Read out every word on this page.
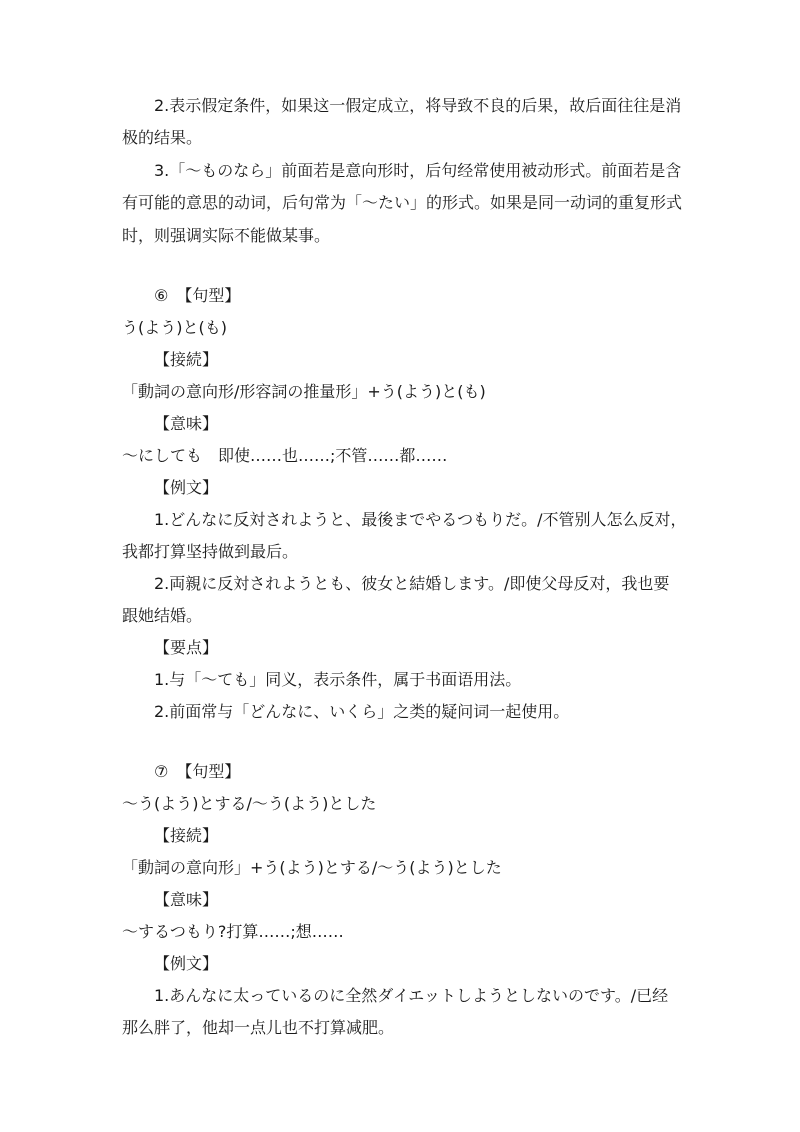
2.表示假定条件，如果这一假定成立，将导致不良的后果，故后面往往是消
极的结果。
3.「～ものなら」前面若是意向形时，后句经常使用被动形式。前面若是含
有可能的意思的动词，后句常为「～たい」的形式。如果是同一动词的重复形式
时，则强调实际不能做某事。
⑥　【句型】
う(よう)と(も)
【接続】
「動詞の意向形/形容詞の推量形」+う(よう)と(も)
【意味】
～にしても　即使……也……;不管……都……
【例文】
1.どんなに反対されようと、最後までやるつもりだ。/不管别人怎么反对，
我都打算坚持做到最后。
2.両親に反対されようとも、彼女と結婚します。/即使父母反对，我也要
跟她结婚。
【要点】
1.与「～ても」同义，表示条件，属于书面语用法。
2.前面常与「どんなに、いくら」之类的疑问词一起使用。
⑦　【句型】
～う(よう)とする/～う(よう)とした
【接続】
「動詞の意向形」+う(よう)とする/～う(よう)とした
【意味】
～するつもり?打算……;想……
【例文】
1.あんなに太っているのに全然ダイエットしようとしないのです。/已经
那么胖了，他却一点儿也不打算减肥。
